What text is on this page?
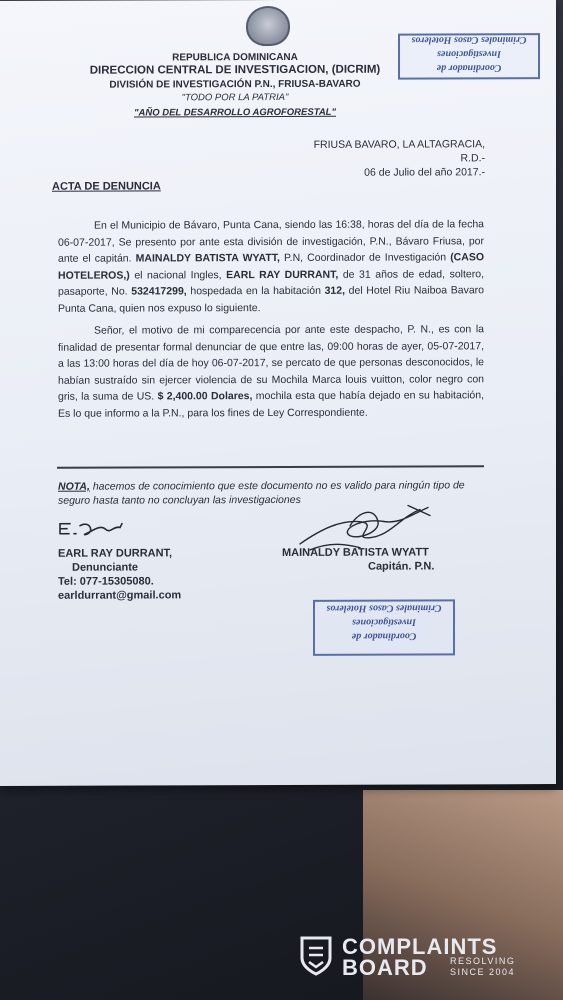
REPUBLICA DOMINICANA
DIRECCION CENTRAL DE INVESTIGACION, (DICRIM)
DIVISIÓN DE INVESTIGACIÓN P.N., FRIUSA-BAVARO
"TODO POR LA PATRIA"
"AÑO DEL DESARROLLO AGROFORESTAL"
Coordinador de Investigaciones
Criminales Casos Hoteleros
FRIUSA BAVARO, LA ALTAGRACIA, R.D.-
06 de Julio del año 2017.-
ACTA DE DENUNCIA
En el Municipio de Bávaro, Punta Cana, siendo las 16:38, horas del día de la fecha 06-07-2017, Se presento por ante esta división de investigación, P.N., Bávaro Friusa, por ante el capitán. MAINALDY BATISTA WYATT, P.N, Coordinador de Investigación (CASO HOTELEROS,) el nacional Ingles, EARL RAY DURRANT, de 31 años de edad, soltero, pasaporte, No. 532417299, hospedada en la habitación 312, del Hotel Riu Naiboa Bavaro Punta Cana, quien nos expuso lo siguiente.
Señor, el motivo de mi comparecencia por ante este despacho, P. N., es con la finalidad de presentar formal denunciar de que entre las, 09:00 horas de ayer, 05-07-2017, a las 13:00 horas del día de hoy 06-07-2017, se percato de que personas desconocidos, le habían sustraído sin ejercer violencia de su Mochila Marca louis vuitton, color negro con gris, la suma de US. $ 2,400.00 Dolares, mochila esta que había dejado en su habitación, Es lo que informo a la P.N., para los fines de Ley Correspondiente.
NOTA, hacemos de conocimiento que este documento no es valido para ningún tipo de seguro hasta tanto no concluyan las investigaciones
EARL RAY DURRANT,
Denunciante
Tel: 077-15305080.
earldurrant@gmail.com
MAINALDY BATISTA WYATT
Capitán. P.N.
Coordinador de Investigaciones
Criminales Casos Hoteleros
COMPLAINTS
BOARD RESOLVING
SINCE 2004
